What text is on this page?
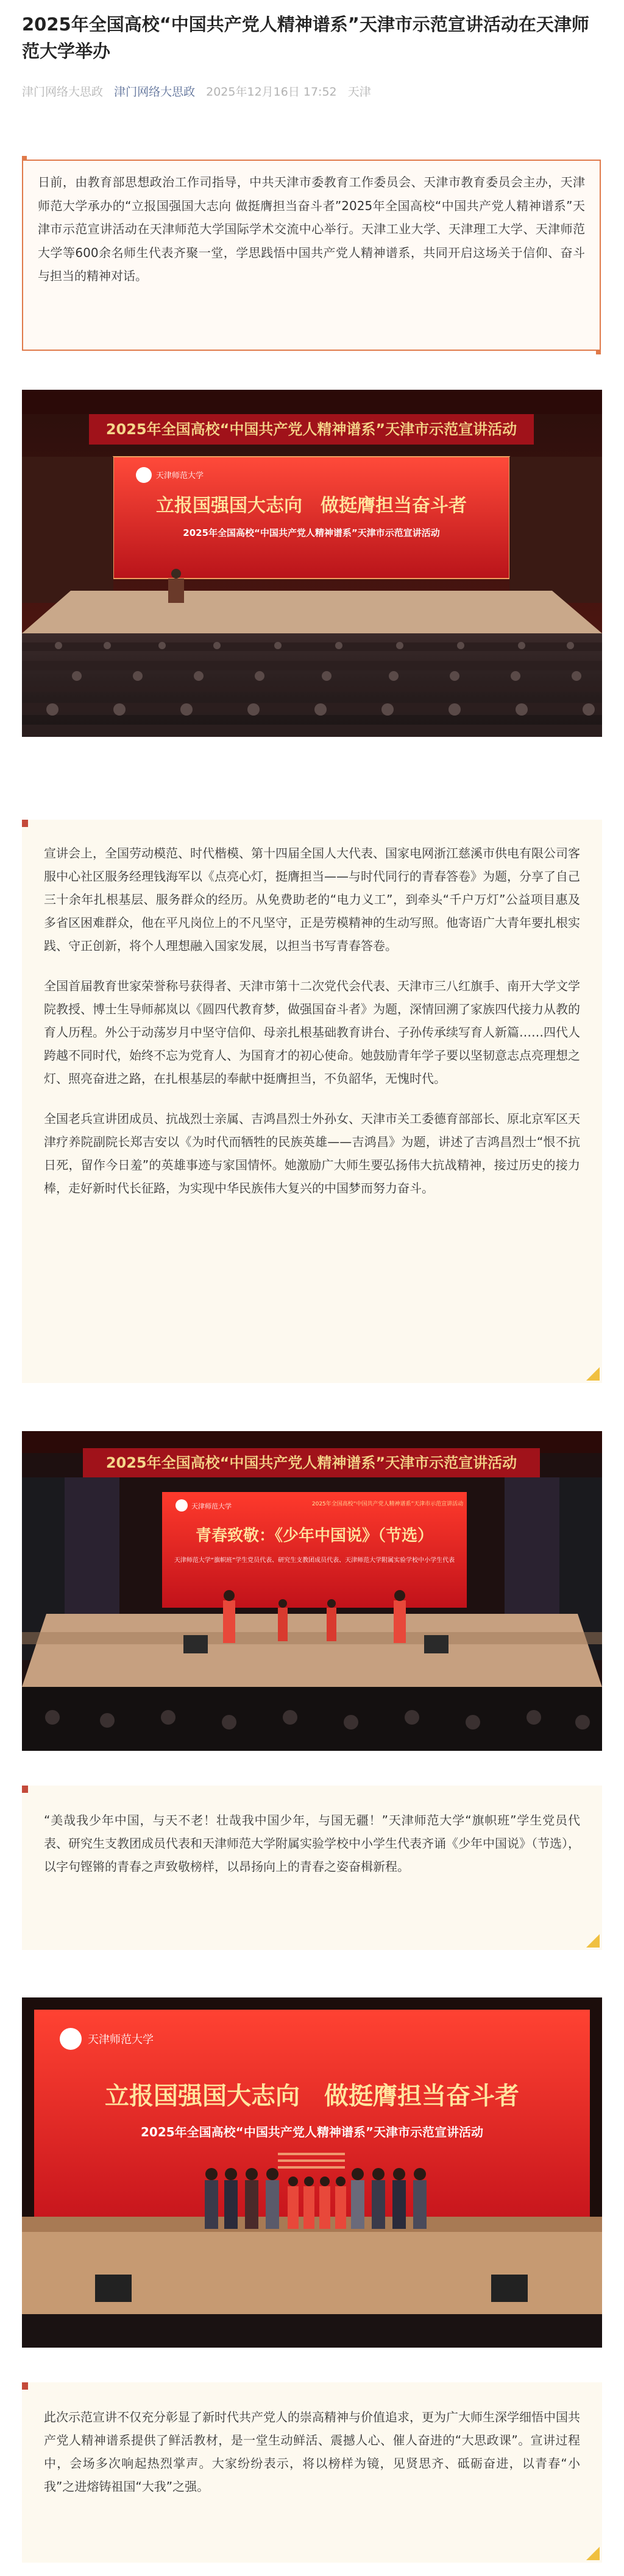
2025年全国高校“中国共产党人精神谱系”天津市示范宣讲活动在天津师范大学举办
津门网络大思政 津门网络大思政 2025年12月16日 17:52 天津

日前，由教育部思想政治工作司指导，中共天津市委教育工作委员会、天津市教育委员会主办，天津师范大学承办的“立报国强国大志向 做挺膺担当奋斗者”2025年全国高校“中国共产党人精神谱系”天津市示范宣讲活动在天津师范大学国际学术交流中心举行。天津工业大学、天津理工大学、天津师范大学等600余名师生代表齐聚一堂，学思践悟中国共产党人精神谱系，共同开启这场关于信仰、奋斗与担当的精神对话。

2025年全国高校“中国共产党人精神谱系”天津市示范宣讲活动
天津师范大学
立报国强国大志向　做挺膺担当奋斗者
2025年全国高校“中国共产党人精神谱系”天津市示范宣讲活动

宣讲会上，全国劳动模范、时代楷模、第十四届全国人大代表、国家电网浙江慈溪市供电有限公司客服中心社区服务经理钱海军以《点亮心灯，挺膺担当——与时代同行的青春答卷》为题，分享了自己三十余年扎根基层、服务群众的经历。从免费助老的“电力义工”，到牵头“千户万灯”公益项目惠及多省区困难群众，他在平凡岗位上的不凡坚守，正是劳模精神的生动写照。他寄语广大青年要扎根实践、守正创新，将个人理想融入国家发展，以担当书写青春答卷。

全国首届教育世家荣誉称号获得者、天津市第十二次党代会代表、天津市三八红旗手、南开大学文学院教授、博士生导师郝岚以《圆四代教育梦，做强国奋斗者》为题，深情回溯了家族四代接力从教的育人历程。外公于动荡岁月中坚守信仰、母亲扎根基础教育讲台、子孙传承续写育人新篇……四代人跨越不同时代，始终不忘为党育人、为国育才的初心使命。她鼓励青年学子要以坚韧意志点亮理想之灯、照亮奋进之路，在扎根基层的奉献中挺膺担当，不负韶华，无愧时代。

全国老兵宣讲团成员、抗战烈士亲属、吉鸿昌烈士外孙女、天津市关工委德育部部长、原北京军区天津疗养院副院长郑吉安以《为时代而牺牲的民族英雄——吉鸿昌》为题，讲述了吉鸿昌烈士“恨不抗日死，留作今日羞”的英雄事迹与家国情怀。她激励广大师生要弘扬伟大抗战精神，接过历史的接力棒，走好新时代长征路，为实现中华民族伟大复兴的中国梦而努力奋斗。

2025年全国高校“中国共产党人精神谱系”天津市示范宣讲活动
天津师范大学	2025年全国高校“中国共产党人精神谱系”天津市示范宣讲活动
青春致敬：《少年中国说》（节选）
天津师范大学“旗帜班”学生党员代表、研究生支教团成员代表、天津师范大学附属实验学校中小学生代表

“美哉我少年中国，与天不老！壮哉我中国少年，与国无疆！”天津师范大学“旗帜班”学生党员代表、研究生支教团成员代表和天津师范大学附属实验学校中小学生代表齐诵《少年中国说》（节选），以字句铿锵的青春之声致敬榜样，以昂扬向上的青春之姿奋楫新程。

天津师范大学
立报国强国大志向　做挺膺担当奋斗者
2025年全国高校“中国共产党人精神谱系”天津市示范宣讲活动

此次示范宣讲不仅充分彰显了新时代共产党人的崇高精神与价值追求，更为广大师生深学细悟中国共产党人精神谱系提供了鲜活教材，是一堂生动鲜活、震撼人心、催人奋进的“大思政课”。宣讲过程中，会场多次响起热烈掌声。大家纷纷表示，将以榜样为镜，见贤思齐、砥砺奋进，以青春“小我”之进熔铸祖国“大我”之强。
